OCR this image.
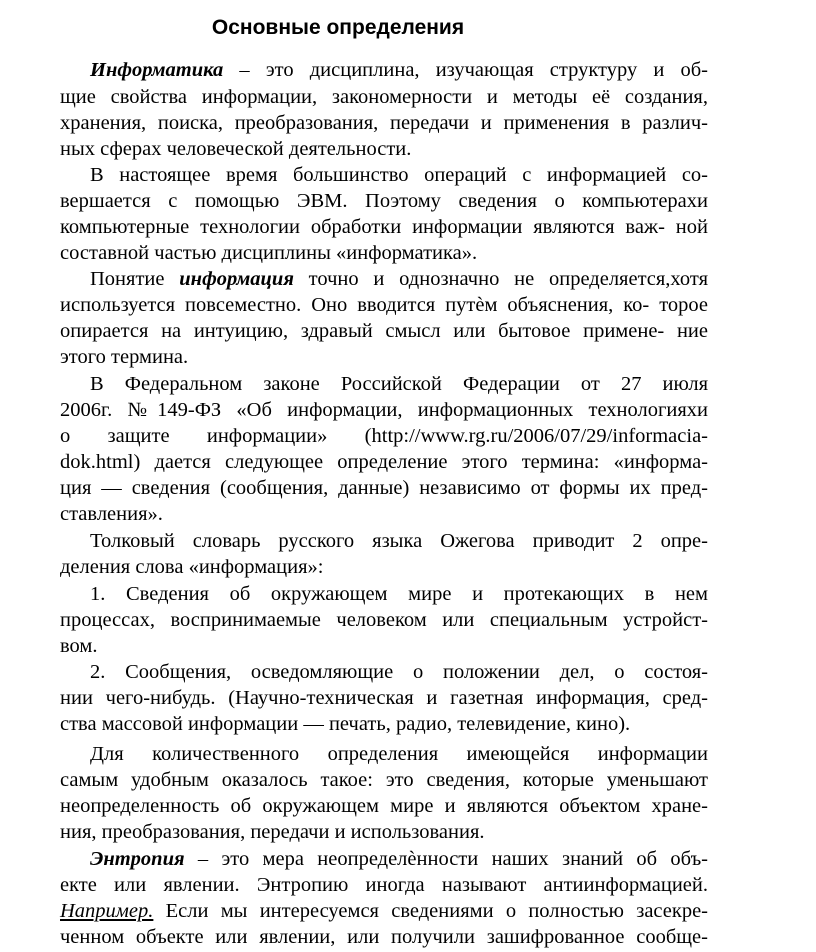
Основные определения
Информатика – это дисциплина, изучающая структуру и об-
щие свойства информации, закономерности и методы её создания,
хранения, поиска, преобразования, передачи и применения в различ-
ных сферах человеческой деятельности.
В настоящее время большинство операций с информацией со-
вершается с помощью ЭВМ. Поэтому сведения о компьютерахи
компьютерные технологии обработки информации являются важ- ной
составной частью дисциплины «информатика».
Понятие информация точно и однозначно не определяется,хотя
используется повсеместно. Оно вводится путѐм объяснения, ко- торое
опирается на интуицию, здравый смысл или бытовое примене- ние
этого термина.
В Федеральном законе Российской Федерации от 27 июля
2006г. №149-ФЗ «Об информации, информационных технологияхи
о защите информации» (http://www.rg.ru/2006/07/29/informacia-
dok.html) дается следующее определение этого термина: «информа-
ция — сведения (сообщения, данные) независимо от формы их пред-
ставления».
Толковый словарь русского языка Ожегова приводит 2 опре-
деления слова «информация»:
1. Сведения об окружающем мире и протекающих в нем
процессах, воспринимаемые человеком или специальным устройст-
вом.
2. Сообщения, осведомляющие о положении дел, о состоя-
нии чего-нибудь. (Научно-техническая и газетная информация, сред-
ства массовой информации — печать, радио, телевидение, кино).
Для количественного определения имеющейся информации
самым удобным оказалось такое: это сведения, которые уменьшают
неопределенность об окружающем мире и являются объектом хране-
ния, преобразования, передачи и использования.
Энтропия – это мера неопределѐнности наших знаний об объ-
екте или явлении. Энтропию иногда называют антиинформацией.
Например. Если мы интересуемся сведениями о полностью засекре-
ченном объекте или явлении, или получили зашифрованное сообще-
